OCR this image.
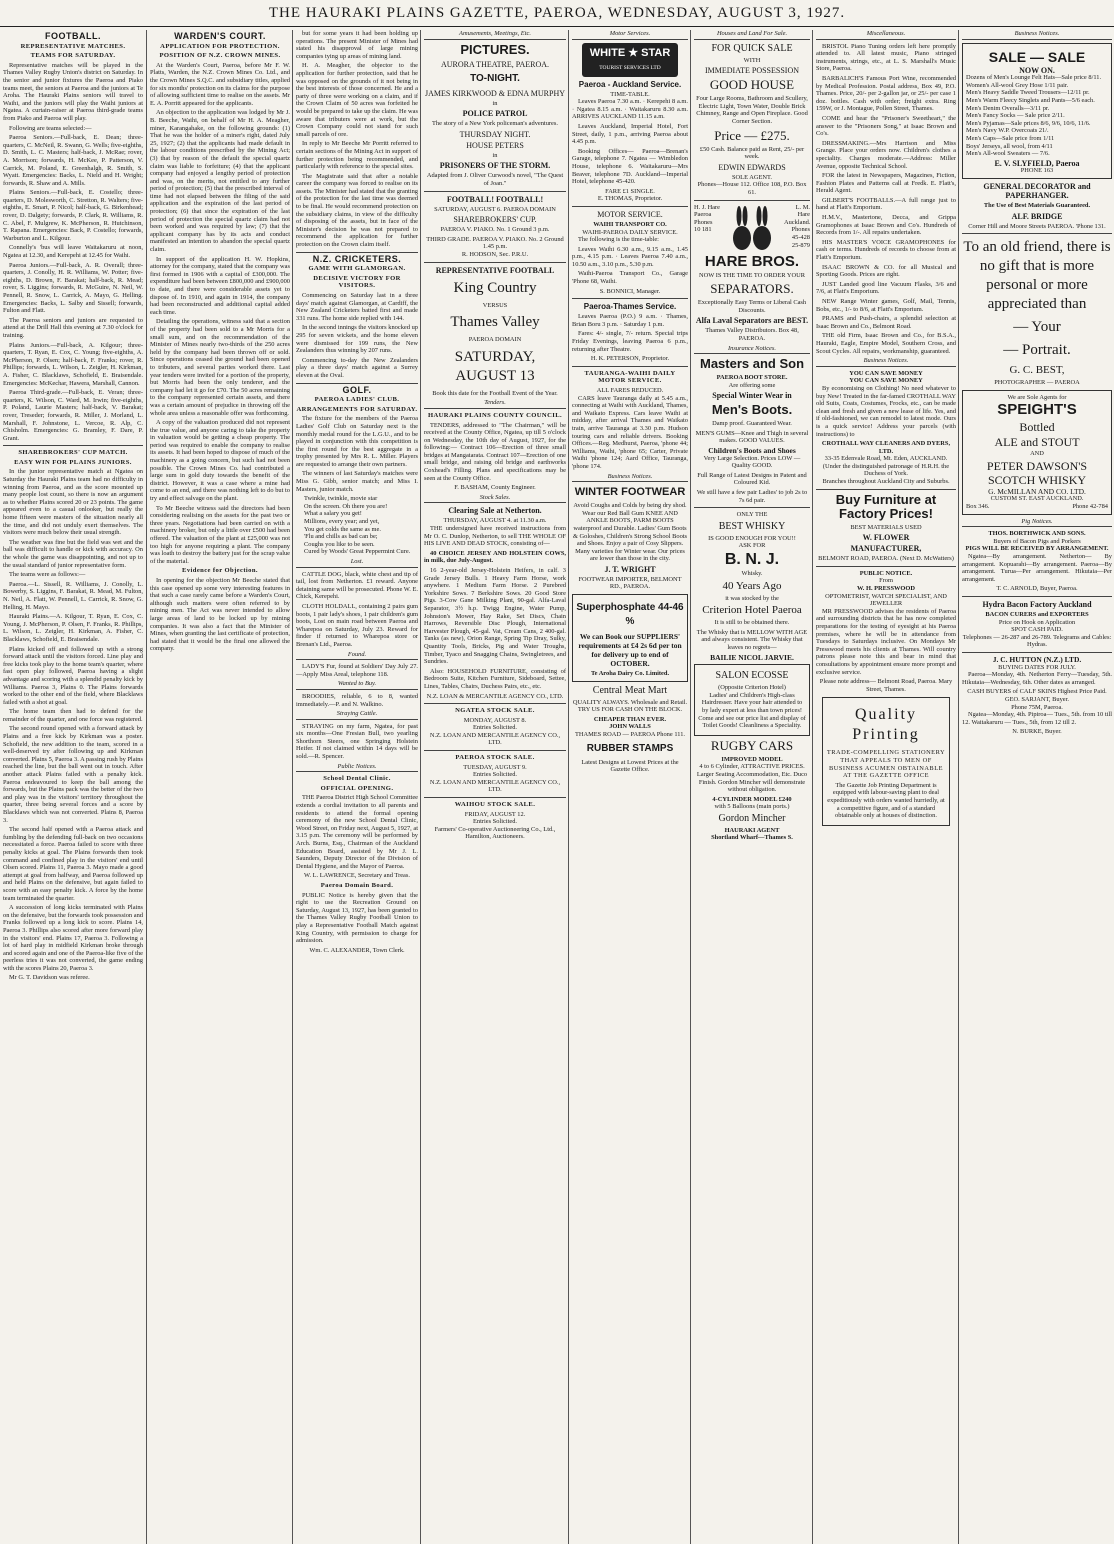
THE HAURAKI PLAINS GAZETTE, PAEROA, WEDNESDAY, AUGUST 3, 1927.
FOOTBALL.
REPRESENTATIVE MATCHES.
TEAMS FOR SATURDAY.

Representative matches will be played in the Thames Valley Rugby Union's district on Saturday. In the senior and junior fixtures the Paeroa and Piako teams meet, the seniors at Paeroa and the juniors at Te Aroha. The Hauraki Plains seniors will travel to Waihi, and the juniors will play the Waihi juniors at Ngatea. A curtain-raiser at Paeroa third-grade teams from Piako and Paeroa will play.

Following are teams selected:—

Paeroa Seniors.—Full-back, E. Dean; three-quarters, C. McNeil, R. Swann, G. Wells; five-eighths, D. Smith, L. C. Masters; half-back, J. McRae; rover, A. Morrison; forwards, H. McKee, P. Patterson, V. Carrick, M. Poland, E. Greenhalgh, R. Smith, S. Wyatt. Emergencies: Backs, L. Nield and H. Wright; forwards, R. Shaw and A. Mills.

Plains Seniors.—Full-back, E. Costello; three-quarters, D. Molesworth, C. Stretton, R. Walters; five-eighths, E. Smart, P. Nicol; half-back, G. Birkenhead; rover, D. Dalgety; forwards, P. Clark, R. Williams, R. C. Abel, F. Mulgrew, K. McPherson, R. Hutchinson, T. Rapana. Emergencies: Back, P. Costello; forwards, Warburton and L. Kilgour.

Connelly's 'bus will leave Waitakaruru at noon, Ngatea at 12.30, and Kerepehi at 12.45 for Waihi.

Paeroa Juniors.—Full-back, A. R. Overall; three-quarters, J. Conolly, H. R. Williams, W. Potter; five-eighths, D. Brown, F. Barakat; half-back, R. Mead; rover, S. Liggins; forwards, R. McGuire, N. Neil, W. Pennell, R. Snow, L. Carrick, A. Mayo, G. Helling. Emergencies: Backs, L. Salby and Sissell; forwards, Fulton and Flatt.

The Paeroa seniors and juniors are requested to attend at the Drill Hall this evening at 7.30 o'clock for training.

Plains Juniors.—Full-back, A. Kilgour; three-quarters, T. Ryan, E. Cox, C. Young; five-eighths, A. McPherson, P. Olsen; half-back, F. Franks; rover, R. Phillips; forwards, L. Wilson, L. Zeigler, H. Kirkman, A. Fisher, C. Blacklaws, Schofield, E. Braisendale. Emergencies: McKechar, Hawera, Marshall, Cannon.

Paeroa Third-grade.—Full-back, E. Veran; three-quarters, K. Wilson, C. Ward, M. Irwin; five-eighths, P. Poland, Laurie Masters; half-back, V. Barakat; rover, Treseder; forwards, R. Miller, J. Morland, L. Marshall, F. Johnstone, L. Vercoe, R. Alp, C. Chisholm. Emergencies: G. Bramley, F. Dare, P. Grant.

SHAREBROKERS' CUP MATCH.
EASY WIN FOR PLAINS JUNIORS.

In the junior representative match at Ngatea on Saturday the Hauraki Plains team had no difficulty in winning from Paeroa, and as the score mounted up many people lost count, so there is now an argument as to whether Plains scored 20 or 23 points. The game appeared even to a casual onlooker, but really the home fifteen were masters of the situation nearly all the time, and did not unduly exert themselves. The visitors were much below their usual strength.

The weather was fine but the field was wet and the ball was difficult to handle or kick with accuracy. On the whole the game was disappointing, and not up to the usual standard of junior representative form.

The teams were as follows:—

Paeroa.—L. Sissell, R. Williams, J. Conolly, L. Bowerby, S. Liggins, F. Barakat, R. Mead, M. Fulton, N. Neil, A. Flatt, W. Pennell, L. Carrick, R. Snow, G. Helling, H. Mayo.

Hauraki Plains.—A. Kilgour, T. Ryan, E. Cox, C. Young, J. McPherson, P. Olsen, F. Franks, R. Phillips, L. Wilson, L. Zeigler, H. Kirkman, A. Fisher, C. Blacklaws, Schofield, E. Braisendale.

Plains kicked off and followed up with a strong forward attack until the visitors forced. Line play and free kicks took play to the home team's quarter, where fast open play followed, Paeroa having a slight advantage and scoring with a splendid penalty kick by Williams. Paeroa 3, Plains 0. The Plains forwards worked to the other end of the field, where Blacklaws failed with a shot at goal.

The home team then had to defend for the remainder of the quarter, and one force was registered.

The second round opened with a forward attack by Plains and a free kick by Kirkman was a poster. Schofield, the new addition to the team, scored in a well-deserved try after following up and Kirkman converted. Plains 5, Paeroa 3. A passing rush by Plains reached the line, but the ball went out in touch. After another attack Plains failed with a penalty kick. Paeroa endeavoured to keep the ball among the forwards, but the Plains pack was the better of the two and play was in the visitors' territory throughout the quarter, three being several forces and a score by Blacklaws which was not converted. Plains 8, Paeroa 3.

The second half opened with a Paeroa attack and fumbling by the defending full-back on two occasions necessitated a force. Paeroa failed to score with three penalty kicks at goal. The Plains forwards then took command and confined play in the visitors' end until Olsen scored. Plains 11, Paeroa 3. Mayo made a good attempt at goal from halfway, and Paeroa followed up and held Plains on the defensive, but again failed to score with an easy penalty kick. A force by the home team terminated the quarter.

A succession of long kicks terminated with Plains on the defensive, but the forwards took possession and Franks followed up a long kick to score. Plains 14, Paeroa 3. Phillips also scored after more forward play in the visitors' end. Plains 17, Paeroa 3. Following a lot of hard play in midfield Kirkman broke through and scored again and one of the Paeroa-like five of the peerless tries it was not converted, the game ending with the scores Plains 20, Paeroa 3.

Mr G. T. Davidson was referee.

WARDEN'S COURT.
APPLICATION FOR PROTECTION.
POSITION OF N.Z. CROWN MINES.

At the Warden's Court, Paeroa, before Mr F. W. Platts, Warden, the N.Z. Crown Mines Co. Ltd., and the Crown Mines S.Q.C. and subsidiary titles, applied for six months' protection on its claims for the purpose of allowing sufficient time to realise on the assets. Mr E. A. Porritt appeared for the applicants.

An objection to the application was lodged by Mr J. B. Beeche, Waihi, on behalf of Mr H. A. Meagher, miner, Karangahake, on the following grounds: (1) That he was the holder of a miner's right, dated July 25, 1927; (2) that the applicants had made default in the labour conditions prescribed by the Mining Act; (3) that by reason of the default the special quartz claim was liable to forfeiture; (4) that the applicant company had enjoyed a lengthy period of protection and was, on the merits, not entitled to any further period of protection; (5) that the prescribed interval of time had not elapsed between the filing of the said application and the expiration of the last period of protection; (6) that since the expiration of the last period of protection the special quartz claim had not been worked and was required by law; (7) that the applicant company has by its acts and conduct manifested an intention to abandon the special quartz claim.

In support of the application H. W. Hopkins, attorney for the company, stated that the company was first formed in 1906 with a capital of £300,000. The expenditure had been between £800,000 and £900,000 to date, and there were considerable assets yet to dispose of. In 1910, and again in 1914, the company had been reconstructed and additional capital added each time.

Detailing the operations, witness said that a section of the property had been sold to a Mr Morris for a small sum, and on the recommendation of the Minister of Mines nearly two-thirds of the 250 acres held by the company had been thrown off or sold. Since operations ceased the ground had been opened to tributers, and several parties worked there. Last year tenders were invited for a portion of the property, but Morris had been the only tenderer, and the company had let it go for £70. The 50 acres remaining to the company represented certain assets, and there was a certain amount of prejudice in throwing off the whole area unless a reasonable offer was forthcoming.

A copy of the valuation produced did not represent the true value, and anyone caring to take the property in valuation would be getting a cheap property. The period was required to enable the company to realise its assets. It had been hoped to dispose of much of the machinery as a going concern, but such had not been possible. The Crown Mines Co. had contributed a large sum in gold duty towards the benefit of the district. However, it was a case where a mine had come to an end, and there was nothing left to do but to try and effect salvage on the plant.

To Mr Beeche witness said the directors had been considering realising on the assets for the past two or three years. Negotiations had been carried on with a machinery broker, but only a little over £500 had been offered. The valuation of the plant at £25,000 was not too high for anyone requiring a plant. The company was loath to destroy the battery just for the scrap value of the material.

Evidence for Objection.

In opening for the objection Mr Beeche stated that this case opened up some very interesting features in that such a case rarely came before a Warden's Court, although such matters were often referred to by mining men. The Act was never intended to allow large areas of land to be locked up by mining companies. It was also a fact that the Minister of Mines, when granting the last certificate of protection, had stated that it would be the final one allowed the company.

but for some years it had been holding up operations. The present Minister of Mines had stated his disapproval of large mining companies tying up areas of mining land.

H. A. Meagher, the objector to the application for further protection, said that he was opposed on the grounds of it not being in the best interests of those concerned. He and a party of three were working on a claim, and if the Crown Claim of 50 acres was forfeited he would be prepared to take up the claim. He was aware that tributers were at work, but the Crown Company could not stand for such small parcels of ore.

In reply to Mr Beeche Mr Porritt referred to certain sections of the Mining Act in support of further protection being recommended, and particularly with reference to the special sites.

The Magistrate said that after a notable career the company was forced to realise on its assets. The Minister had stated that the granting of the protection for the last time was deemed to be final. He would recommend protection on the subsidiary claims, in view of the difficulty of disposing of the assets, but in face of the Minister's decision he was not prepared to recommend the application for further protection on the Crown claim itself.

N.Z. CRICKETERS.
GAME WITH GLAMORGAN.
DECISIVE VICTORY FOR VISITORS.

Commencing on Saturday last in a three days' match against Glamorgan, at Cardiff, the New Zealand Cricketers batted first and made 331 runs. The home side replied with 144.

In the second innings the visitors knocked up 295 for seven wickets, and the home eleven were dismissed for 199 runs, the New Zealanders thus winning by 207 runs.

Commencing to-day the New Zealanders play a three days' match against a Surrey eleven at the Oval.

GOLF.
PAEROA LADIES' CLUB.
ARRANGEMENTS FOR SATURDAY.

The fixture for the members of the Paeroa Ladies' Golf Club on Saturday next is the monthly medal round for the L.G.U., and to be played in conjunction with this competition is the first round for the best aggregate in a trophy presented by Mrs R. L. Miller. Players are requested to arrange their own partners.

The winners of last Saturday's matches were Miss G. Gibb, senior match; and Miss I. Masters, junior match.

Twinkle, twinkle, movie star
On the screen. Oh there you are!
What a salary you get!
Millions, every year; and yet,
You get colds the same as me.
'Flu and chills as bad can be;
Coughs you like to be seen.
Cured by Woods' Great Peppermint Cure.
Lost.

CATTLE DOG, black, white chest and tip of tail, lost from Netherton. £1 reward. Anyone detaining same will be prosecuted. Phone W. E. Chick, Kerepehi.

CLOTH HOLDALL, containing 2 pairs gum boots, 1 pair lady's shoes, 1 pair children's gum boots, Lost on main road between Paeroa and Wharepoa on Saturday, July 23. Reward for finder if returned to Wharepoa store or Brenan's Ltd., Paeroa.

Found.

LADY'S Fur, found at Soldiers' Day July 27.—Apply Miss Areal, telephone 118.

Wanted to Buy.

BROODIES, reliable, 6 to 8, wanted immediately.—P. and N. Walkino.

Straying Cattle.

STRAYING on my farm, Ngatea, for past six months—One Fresian Bull, two yearling Shorthorn Steers, one Springing Holstein Heifer. If not claimed within 14 days will be sold.—R. Spencer.

Public Notices.
School Dental Clinic.
OFFICIAL OPENING.

THE Paeroa District High School Committee extends a cordial invitation to all parents and residents to attend the formal opening ceremony of the new School Dental Clinic, Wood Street, on Friday next, August 5, 1927, at 3.15 p.m. The ceremony will be performed by Arch. Burns, Esq., Chairman of the Auckland Education Board, assisted by Mr J. L. Saunders, Deputy Director of the Division of Dental Hygiene, and the Mayor of Paeroa.

W. L. LAWRENCE, Secretary and Treas.

Paeroa Domain Board.

PUBLIC Notice is hereby given that the right to use the Recreation Ground on Saturday, August 13, 1927, has been granted to the Thames Valley Rugby Football Union to play a Representative Football Match against King Country, with permission to charge for admission.

Wm. C. ALEXANDER, Town Clerk.

Amusements, Meetings, Etc.
PICTURES.
AURORA THEATRE, PAEROA.
TO-NIGHT.
JAMES KIRKWOOD & EDNA MURPHY
in
POLICE PATROL

The story of a New York policeman's adventures.

THURSDAY NIGHT.
HOUSE PETERS
in
PRISONERS OF THE STORM.

Adapted from J. Oliver Curwood's novel, "The Quest of Joan."

FOOTBALL! FOOTBALL!
SATURDAY, AUGUST 6. PAEROA DOMAIN
SHAREBROKERS' CUP.
PAEROA V. PIAKO. No. 1 Ground 3 p.m.
THIRD GRADE. PAEROA V. PIAKO. No. 2 Ground 1.45 p.m.
R. HODSON, Sec. P.R.U.
REPRESENTATIVE FOOTBALL
King Country
VERSUS
Thames Valley
PAEROA DOMAIN
SATURDAY, AUGUST 13

Book this date for the Football Event of the Year.

Tenders.
HAURAKI PLAINS COUNTY COUNCIL.

TENDERS, addressed to "The Chairman," will be received at the County Office, Ngatea, up till 5 o'clock on Wednesday, the 10th day of August, 1927, for the following:— Contract 106—Erection of three small bridges at Mangatarata. Contract 107—Erection of one small bridge, and raising old bridge and earthworks Coxhead's Filling. Plans and specifications may be seen at the County Office.

F. BASHAM, County Engineer.

Stock Sales.
Clearing Sale at Netherton.
THURSDAY, AUGUST 4. at 11.30 a.m.

THE undersigned have received instructions from Mr O. C. Dunlop, Netherton, to sell THE WHOLE OF HIS LIVE AND DEAD STOCK, consisting of—

40 CHOICE JERSEY AND HOLSTEIN COWS, in milk, due July-August.

16 2-year-old Jersey-Holstein Heifers, in calf. 3 Grade Jersey Bulls. 1 Heavy Farm Horse, work anywhere. 1 Medium Farm Horse. 2 Purebred Yorkshire Sows. 7 Berkshire Sows. 20 Good Store Pigs. 3-Cow Gane Milking Plant, 90-gal. Alfa-Laval Separator, 3½ h.p. Twigg Engine, Water Pump, Johnston's Mower, Hay Rake, Set Discs, Chain Harrows, Reversible Disc Plough, International Harvester Plough, 45-gal. Vat, Cream Cans, 2 400-gal. Tanks (as new), Orion Range, Spring Tip Dray, Sulky, Quantity Tools, Bricks, Pig and Water Troughs, Timber, Tyaco and Snagging Chains, Swingletrees, and Sundries.

Also: HOUSEHOLD FURNITURE, consisting of Bedroom Suite, Kitchen Furniture, Sideboard, Settee, Lines, Tables, Chairs, Duchess Pairs, etc., etc.

N.Z. LOAN & MERCANTILE AGENCY CO., LTD.

NGATEA STOCK SALE.
MONDAY, AUGUST 8.
Entries Solicited.
N.Z. LOAN AND MERCANTILE AGENCY CO., LTD.
PAEROA STOCK SALE.
TUESDAY, AUGUST 9.
Entries Solicited.
N.Z. LOAN AND MERCANTILE AGENCY CO., LTD.
WAIHOU STOCK SALE.
FRIDAY, AUGUST 12.
Entries Solicited.
Farmers' Co-operative Auctioneering Co., Ltd., Hamilton, Auctioneers.
Motor Services.
WHITE ★ STAR
TOURIST SERVICES LTD
Paeroa - Auckland Service.
TIME-TABLE.

Leaves Paeroa 7.30 a.m. · Kerepehi 8 a.m. · Ngatea 8.15 a.m. · Waitakaruru 8.30 a.m. ARRIVES AUCKLAND 11.15 a.m.

Leaves Auckland, Imperial Hotel, Fort Street, daily, 1 p.m., arriving Paeroa about 4.45 p.m.

Booking Offices— Paeroa—Brenan's Garage, telephone 7. Ngatea — Wimbledon House, telephone 6. Waitakaruru—Mrs Beaver, telephone 7D. Auckland—Imperial Hotel, telephone 45-420.

FARE £1 SINGLE.
E. THOMAS, Proprietor.
MOTOR SERVICE.
WAIHI TRANSPORT CO.
WAIHI-PAEROA DAILY SERVICE.

The following is the time-table:

Leaves Waihi 6.30 a.m., 9.15 a.m., 1.45 p.m., 4.15 p.m. · Leaves Paeroa 7.40 a.m., 10.50 a.m., 3.10 p.m., 5.30 p.m.

Waihi-Paeroa Transport Co., Garage 'Phone 68, Waihi.

S. BONNICI, Manager.
Paeroa-Thames Service.

Leaves Paeroa (P.O.) 9 a.m. · Thames, Brian Boru 3 p.m. · Saturday 1 p.m.

Fares: 4/- single, 7/- return. Special trips Friday Evenings, leaving Paeroa 6 p.m., returning after Theatre.

H. K. PETERSON, Proprietor.
TAURANGA-WAIHI DAILY MOTOR SERVICE.
ALL FARES REDUCED.

CARS leave Tauranga daily at 5.45 a.m., connecting at Waihi with Auckland, Thames, and Waikato Express. Cars leave Waihi at midday, after arrival Thames and Waikato train, arrive Tauranga at 3.30 p.m. Hudson touring cars and reliable drivers. Booking Offices.—Reg. Medhurst, Paeroa, 'phone 44; Williams, Waihi, 'phone 65; Carter, Private Waihi 'phone 124; Aard Office, Tauranga, 'phone 174.

Business Notices.
WINTER FOOTWEAR

Avoid Coughs and Colds by being dry shod. Wear our Red Ball Gum KNEE AND ANKLE BOOTS, PARM BOOTS waterproof and Durable. Ladies' Gum Boots & Goloshes, Children's Strong School Boots and Shoes. Enjoy a pair of Cosy Slippers. Many varieties for Winter wear. Our prices are lower than those in the city.

J. T. WRIGHT
FOOTWEAR IMPORTER, BELMONT RD., PAEROA.
Superphosphate 44-46 %

We can Book our SUPPLIERS' requirements at £4 2s 6d per ton for delivery up to end of OCTOBER.

Te Aroha Dairy Co. Limited.
Central Meat Mart

QUALITY ALWAYS. Wholesale and Retail. TRY US FOR CASH ON THE BLOCK.

CHEAPER THAN EVER.
JOHN WALLS
THAMES ROAD — PAEROA Phone 111.
RUBBER STAMPS

Latest Designs at Lowest Prices at the Gazette Office.

Houses and Land For Sale.
FOR QUICK SALE
WITH
IMMEDIATE POSSESSION
GOOD HOUSE

Four Large Rooms, Bathroom and Scullery, Electric Light, Town Water, Double Brick Chimney, Range and Open Fireplace. Good Corner Section.

Price — £275.

£50 Cash. Balance paid as Rent, 25/- per week.

EDWIN EDWARDS
SOLE AGENT.

Phones—House 112. Office 108, P.O. Box 61.

H. J. Hare Paeroa Phones 10 181
L. M. Hare Auckland. Phones 45-428 25-879
HARE BROS.
NOW IS THE TIME TO ORDER YOUR
SEPARATORS.

Exceptionally Easy Terms or Liberal Cash Discounts.

Alfa Laval Separators are BEST.

Thames Valley Distributors. Box 48, PAEROA.

Insurance Notices.
Masters and Son
PAEROA BOOT STORE.
Are offering some
Special Winter Wear in
Men's Boots.

Damp proof. Guaranteed Wear.

MEN'S GUMS—Knee and Thigh in several makes. GOOD VALUES.

Children's Boots and Shoes

Very Large Selection. Prices LOW — Quality GOOD.

Full Range of Latest Designs in Patent and Coloured Kid.

We still have a few pair Ladies' to job 2s to 7s 6d pair.

ONLY THE
BEST WHISKY
IS GOOD ENOUGH FOR YOU!!
ASK FOR
B. N. J.
Whisky.
40 Years Ago
it was stocked by the
Criterion Hotel Paeroa

It is still to be obtained there.

The Whisky that is MELLOW WITH AGE and always consistent. The Whisky that leaves no regrets—

BAILIE NICOL JARVIE.
SALON ECOSSE
(Opposite Criterion Hotel)

Ladies' and Children's High-class Hairdresser. Have your hair attended to by lady expert at less than town prices! Come and see our price list and display of Toilet Goods! Cleanliness a Speciality.

RUGBY CARS
IMPROVED MODEL

4 to 6 Cylinder, ATTRACTIVE PRICES. Larger Seating Accommodation, Etc. Duco Finish. Gordon Mincher will demonstrate without obligation.

4-CYLINDER MODEL £240
with 5 Balloons (main ports.)
Gordon Mincher
HAURAKI AGENT
Shortland Wharf—Thames S.
Miscellaneous.

BRISTOL Piano Tuning orders left here promptly attended to. All latest music, Piano stringed instruments, strings, etc., at L. S. Marshall's Music Store, Paeroa.

BARBALICH'S Famous Port Wine, recommended by Medical Profession. Postal address, Box 49, P.O. Thames. Price, 20/- per 2-gallon jar, or 25/- per case 1 doz. bottles. Cash with order; freight extra. Ring 159W, or J. Montague, Pollen Street, Thames.

COME and hear the "Prisoner's Sweetheart," the answer to the "Prisoners Song," at Isaac Brown and Co's.

DRESSMAKING.—Mrs Harrison and Miss Grange. Place your orders now. Children's clothes a speciality. Charges moderate.—Address: Miller Avenue, opposite Technical School.

FOR the latest in Newspapers, Magazines, Fiction, Fashion Plates and Patterns call at Fredk. E. Flatt's, Herald Agent.

GILBERT'S FOOTBALLS.—A full range just to hand at Flatt's Emporium.

H.M.V., Mastertone, Decca, and Grippa Gramophones at Isaac Brown and Co's. Hundreds of Records from 1/-. All repairs undertaken.

HIS MASTER'S VOICE GRAMOPHONES for cash or terms. Hundreds of records to choose from at Flatt's Emporium.

ISAAC BROWN & CO. for all Musical and Sporting Goods. Prices are right.

JUST Landed good line Vacuum Flasks, 3/6 and 7/6, at Flatt's Emporium.

NEW Range Winter games, Golf, Mail, Tennis, Bobs, etc., 1/- to 8/6, at Flatt's Emporium.

PRAMS and Push-chairs, a splendid selection at Isaac Brown and Co., Belmont Road.

THE old Firm, Isaac Brown and Co., for B.S.A., Hauraki, Eagle, Empire Model, Southern Cross, and Scout Cycles. All repairs, workmanship, guaranteed.

Business Notices.
YOU CAN SAVE MONEY
YOU CAN SAVE MONEY

By economising on Clothing! No need whatever to buy New! Treated in the far-famed CROTHALL WAY old Suits, Coats, Costumes, Frocks, etc., can be made clean and fresh and given a new lease of life. Yes, and if old-fashioned, we can remodel to latest mode. Ours is a quick service! Address your parcels (with instructions) to

CROTHALL WAY CLEANERS AND DYERS, LTD.
33-35 Edenvale Road, Mt. Eden, AUCKLAND.
(Under the distinguished patronage of H.R.H. the Duchess of York.
Branches throughout Auckland City and Suburbs.
Buy Furniture at Factory Prices!
BEST MATERIALS USED
W. FLOWER
MANUFACTURER,
BELMONT ROAD, PAEROA. (Next D. McWatters)
PUBLIC NOTICE.
From
W. H. PRESSWOOD
OPTOMETRIST, WATCH SPECIALIST, AND JEWELLER

MR PRESSWOOD advises the residents of Paeroa and surrounding districts that he has now completed preparations for the testing of eyesight at his Paeroa premises, where he will be in attendance from Tuesdays to Saturdays inclusive. On Mondays Mr Presswood meets his clients at Thames. Will country patrons please note this and bear in mind that consultations by appointment ensure more prompt and exclusive service.

Please note address— Belmont Road, Paeroa. Mary Street, Thames.

Quality Printing

TRADE-COMPELLING STATIONERY THAT APPEALS TO MEN OF BUSINESS ACUMEN OBTAINABLE AT THE GAZETTE OFFICE

The Gazette Job Printing Department is equipped with labour-saving plant to deal expeditiously with orders wanted hurriedly, at a competitive figure, and of a standard obtainable only at houses of distinction.

Business Notices.
SALE — SALE
NOW ON.
Dozens of Men's Lounge Felt Hats—Sale price 8/11.
Women's All-wool Grey Hose 1/11 pair.
Men's Heavy Saddle Tweed Trousers—12/11 pr.
Men's Warm Fleecy Singlets and Pants—5/6 each.
Men's Denim Overalls—3/11 pr.
Men's Fancy Socks — Sale price 2/11.
Men's Pyjamas—Sale prices 8/6, 9/6, 10/6, 11/6.
Men's Navy W.P. Overcoats 21/.
Men's Caps—Sale price from 1/11
Boys' Jerseys, all wool, from 4/11
Men's All-wool Sweaters — 7/6.
E. V. SLYFIELD, Paeroa
PHONE 163
GENERAL DECORATOR and PAPERHANGER.
The Use of Best Materials Guaranteed.
ALF. BRIDGE
Corner Hill and Moore Streets PAEROA. 'Phone 131.
To an old friend, there is no gift that is more personal or more appreciated than
— Your
— Portrait.
G. C. BEST,
PHOTOGRAPHER — PAEROA
We are Sole Agents for
SPEIGHT'S
Bottled
ALE and STOUT
AND
PETER DAWSON'S SCOTCH WHISKY
G. McMILLAN AND CO. LTD.
CUSTOM ST. EAST AUCKLAND.
Box 346.	Phone 42-784
Pig Notices.
THOS. BORTHWICK AND SONS.
Buyers of Bacon Pigs and Porkers
PIGS WILL BE RECEIVED BY ARRANGEMENT.

Ngatea—By arrangement. Netherton— By arrangement. Kopuarahi—By arrangement. Paeroa—By arrangement. Turua—Per arrangement. Hikutaia—Per arrangement.

T. C. ARNOLD, Buyer, Paeroa.
Hydra Bacon Factory Auckland
BACON CURERS and EXPORTERS
Price on Hook on Application
SPOT CASH PAID.

Telephones — 26-287 and 26-789. Telegrams and Cables: Hydras.

J. C. HUTTON (N.Z.) LTD.
BUYING DATES FOR JULY.

Paeroa—Monday, 4th. Netherton Ferry—Tuesday, 5th. Hikutaia—Wednesday, 6th. Other dates as arranged.

CASH BUYERS of CALF SKINS Highest Price Paid.
GEO. SARJANT, Buyer.
Phone 75M, Paeroa.

Ngatea—Monday, 4th. Pipiroa— Tues., 5th. from 10 till 12. Waitakaruru — Tues., 5th, from 12 till 2.

N. BURKE, Buyer.
